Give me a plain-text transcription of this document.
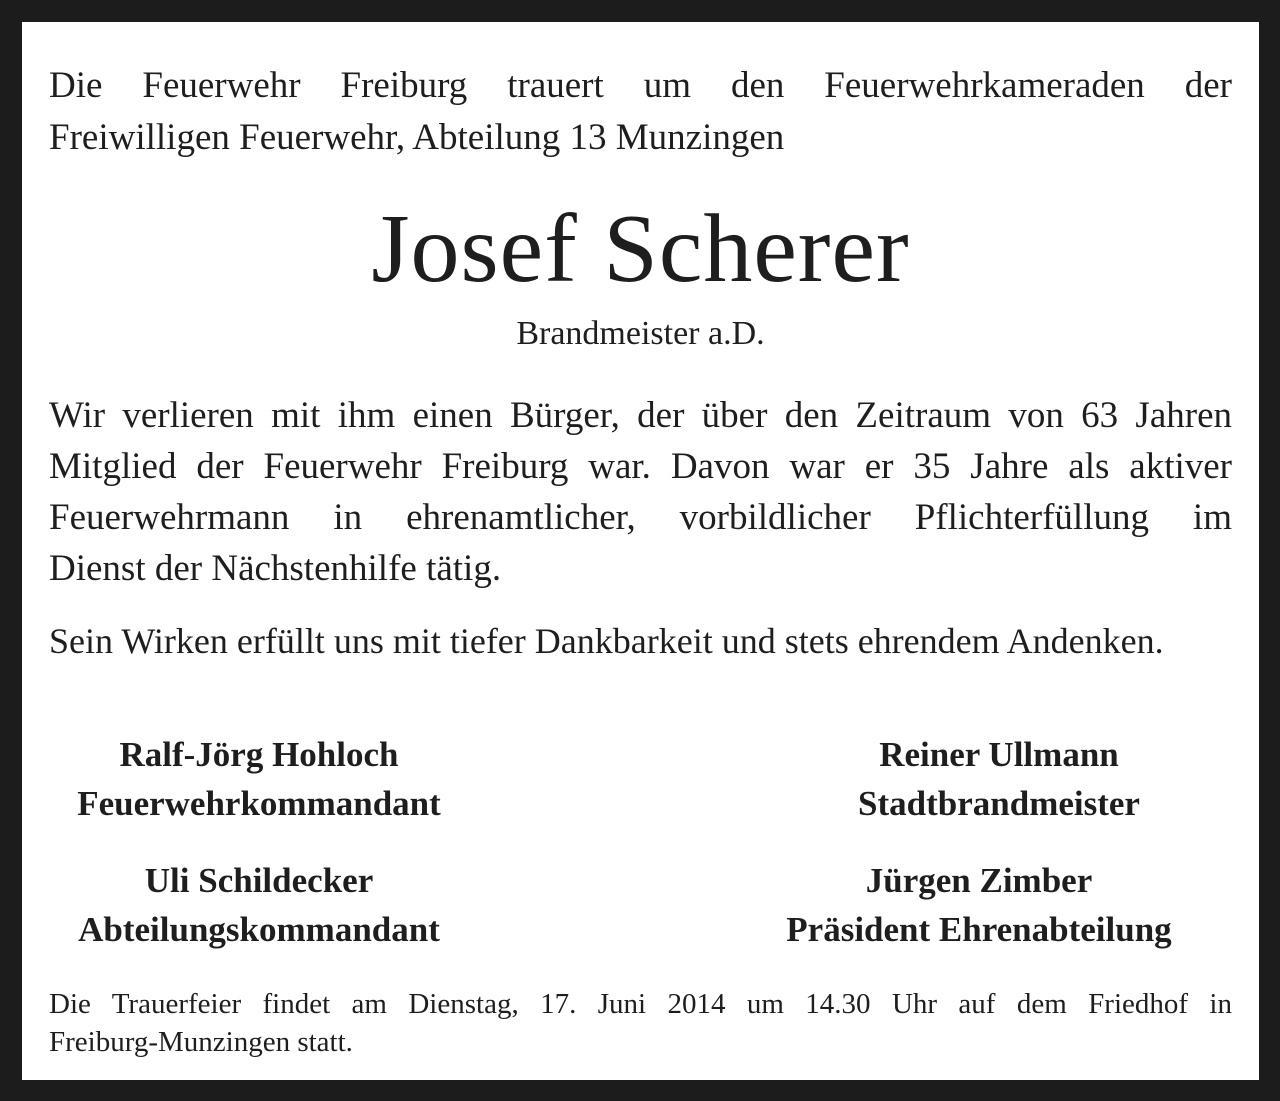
Die Feuerwehr Freiburg trauert um den Feuerwehrkameraden der
Freiwilligen Feuerwehr, Abteilung 13 Munzingen
Josef Scherer
Brandmeister a.D.
Wir verlieren mit ihm einen Bürger, der über den Zeitraum von 63 Jahren
Mitglied der Feuerwehr Freiburg war. Davon war er 35 Jahre als aktiver
Feuerwehrmann in ehrenamtlicher, vorbildlicher Pflichterfüllung im
Dienst der Nächstenhilfe tätig.
Sein Wirken erfüllt uns mit tiefer Dankbarkeit und stets ehrendem Andenken.
Ralf-Jörg Hohloch
Feuerwehrkommandant
Reiner Ullmann
Stadtbrandmeister
Uli Schildecker
Abteilungskommandant
Jürgen Zimber
Präsident Ehrenabteilung
Die Trauerfeier findet am Dienstag, 17. Juni 2014 um 14.30 Uhr auf dem Friedhof in
Freiburg-Munzingen statt.
